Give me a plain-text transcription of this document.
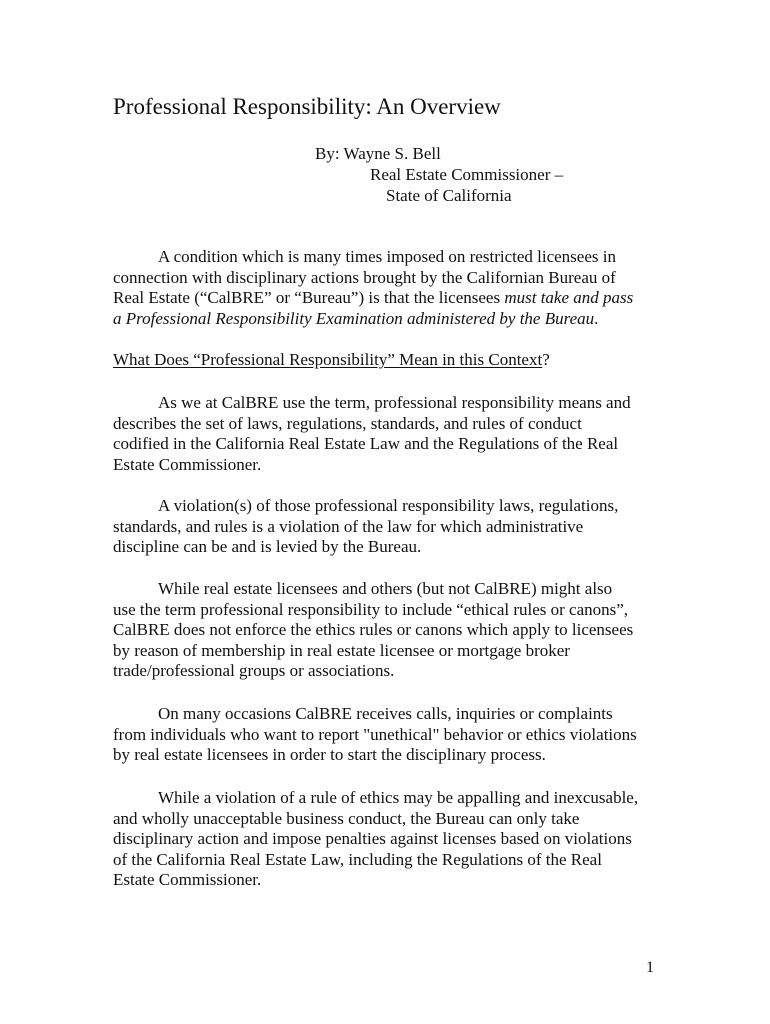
Professional Responsibility: An Overview
By: Wayne S. Bell
Real Estate Commissioner –
State of California
A condition which is many times imposed on restricted licensees in
connection with disciplinary actions brought by the Californian Bureau of
Real Estate (“CalBRE” or “Bureau”) is that the licensees must take and pass
a Professional Responsibility Examination administered by the Bureau.
What Does “Professional Responsibility” Mean in this Context?
As we at CalBRE use the term, professional responsibility means and
describes the set of laws, regulations, standards, and rules of conduct
codified in the California Real Estate Law and the Regulations of the Real
Estate Commissioner.
A violation(s) of those professional responsibility laws, regulations,
standards, and rules is a violation of the law for which administrative
discipline can be and is levied by the Bureau.
While real estate licensees and others (but not CalBRE) might also
use the term professional responsibility to include “ethical rules or canons”,
CalBRE does not enforce the ethics rules or canons which apply to licensees
by reason of membership in real estate licensee or mortgage broker
trade/professional groups or associations.
On many occasions CalBRE receives calls, inquiries or complaints
from individuals who want to report "unethical" behavior or ethics violations
by real estate licensees in order to start the disciplinary process.
While a violation of a rule of ethics may be appalling and inexcusable,
and wholly unacceptable business conduct, the Bureau can only take
disciplinary action and impose penalties against licenses based on violations
of the California Real Estate Law, including the Regulations of the Real
Estate Commissioner.
1
